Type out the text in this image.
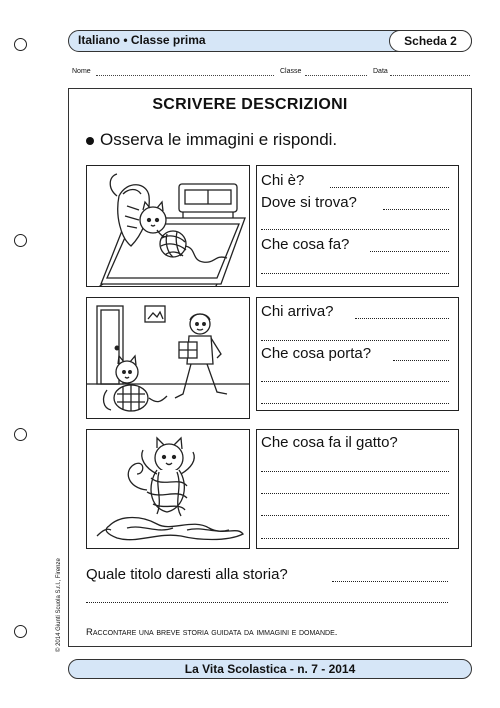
Italiano • Classe prima	Scheda 2
Nome	Classe	Data
SCRIVERE DESCRIZIONI
Osserva le immagini e rispondi.
Chi è?
Dove si trova?
Che cosa fa?
Chi arriva?
Che cosa porta?
Che cosa fa il gatto?
Quale titolo daresti alla storia?
Raccontare una breve storia guidata da immagini e domande.
© 2014 Giunti Scuola S.r.l., Firenze
La Vita Scolastica - n. 7 - 2014
